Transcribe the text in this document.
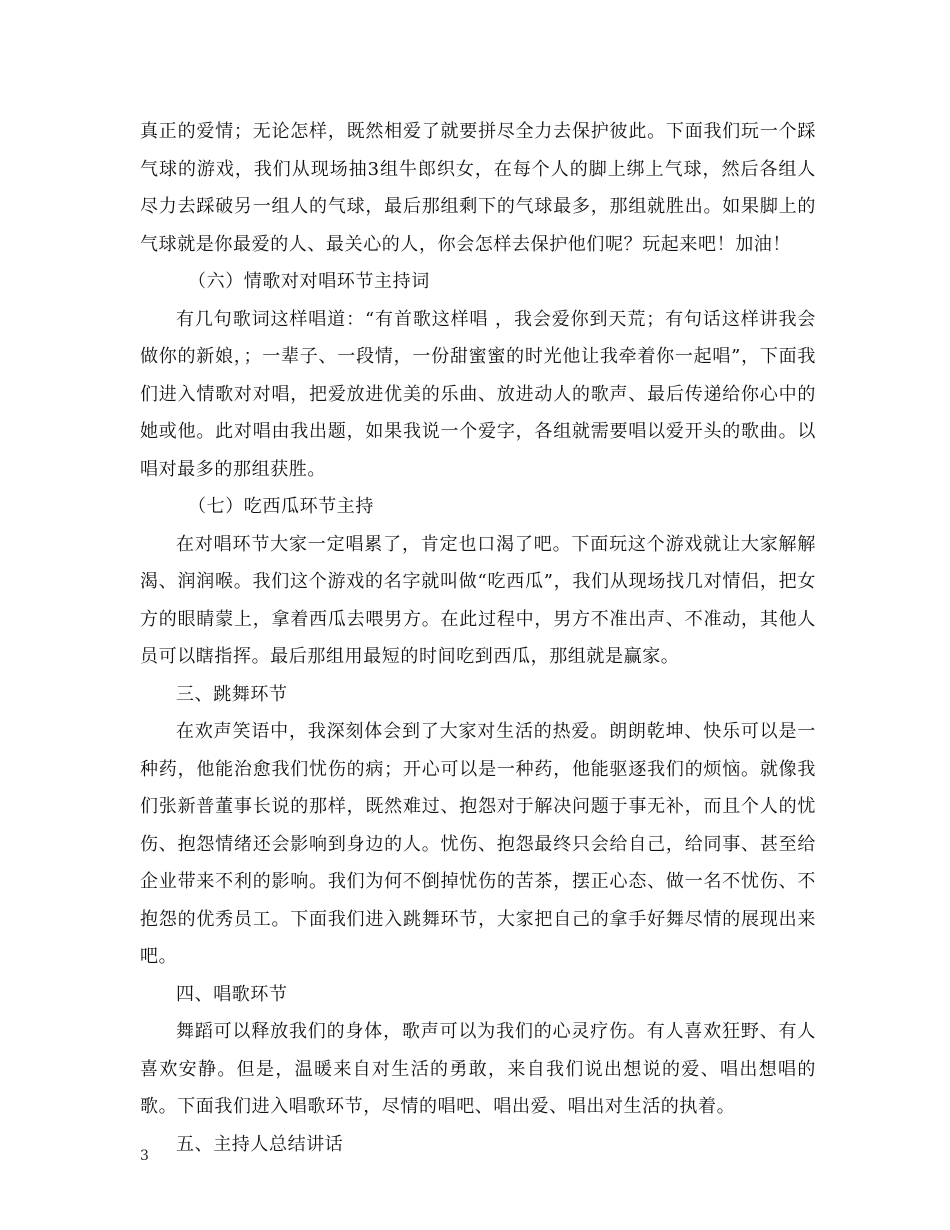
真正的爱情；无论怎样，既然相爱了就要拼尽全力去保护彼此。下面我们玩一个踩气球的游戏，我们从现场抽3组牛郎织女，在每个人的脚上绑上气球，然后各组人尽力去踩破另一组人的气球，最后那组剩下的气球最多，那组就胜出。如果脚上的气球就是你最爱的人、最关心的人，你会怎样去保护他们呢？玩起来吧！加油！

（六）情歌对对唱环节主持词

有几句歌词这样唱道：“有首歌这样唱 ，我会爱你到天荒；有句话这样讲我会做你的新娘，；一辈子、一段情，一份甜蜜蜜的时光他让我牵着你一起唱”，下面我们进入情歌对对唱，把爱放进优美的乐曲、放进动人的歌声、最后传递给你心中的她或他。此对唱由我出题，如果我说一个爱字，各组就需要唱以爱开头的歌曲。以唱对最多的那组获胜。

（七）吃西瓜环节主持

在对唱环节大家一定唱累了，肯定也口渴了吧。下面玩这个游戏就让大家解解渴、润润喉。我们这个游戏的名字就叫做“吃西瓜”，我们从现场找几对情侣，把女方的眼睛蒙上，拿着西瓜去喂男方。在此过程中，男方不准出声、不准动，其他人员可以瞎指挥。最后那组用最短的时间吃到西瓜，那组就是赢家。

三、跳舞环节

在欢声笑语中，我深刻体会到了大家对生活的热爱。朗朗乾坤、快乐可以是一种药，他能治愈我们忧伤的病；开心可以是一种药，他能驱逐我们的烦恼。就像我们张新普董事长说的那样，既然难过、抱怨对于解决问题于事无补，而且个人的忧伤、抱怨情绪还会影响到身边的人。忧伤、抱怨最终只会给自己，给同事、甚至给企业带来不利的影响。我们为何不倒掉忧伤的苦茶，摆正心态、做一名不忧伤、不抱怨的优秀员工。下面我们进入跳舞环节，大家把自己的拿手好舞尽情的展现出来吧。

四、唱歌环节

舞蹈可以释放我们的身体，歌声可以为我们的心灵疗伤。有人喜欢狂野、有人喜欢安静。但是，温暖来自对生活的勇敢，来自我们说出想说的爱、唱出想唱的歌。下面我们进入唱歌环节，尽情的唱吧、唱出爱、唱出对生活的执着。

五、主持人总结讲话

3
